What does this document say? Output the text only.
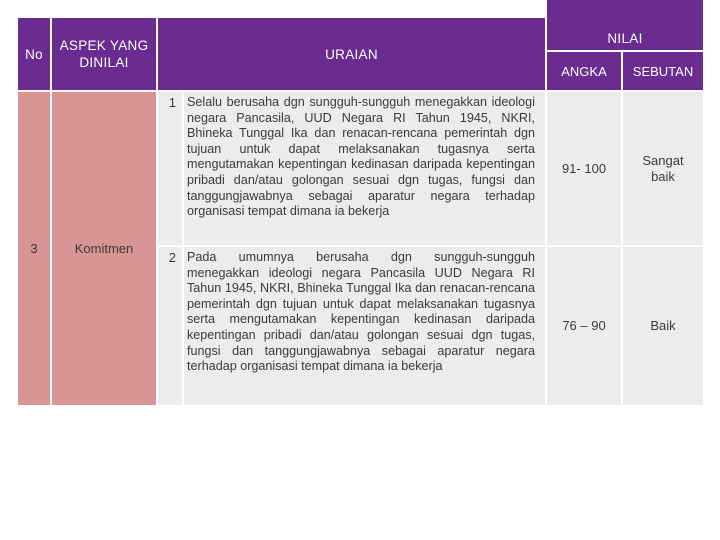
No
ASPEK YANG DINILAI
URAIAN
NILAI
ANGKA SEBUTAN
3	Komitmen
1 Selalu berusaha dgn sungguh-sungguh menegakkan ideologi negara Pancasila, UUD Negara RI Tahun 1945, NKRI, Bhineka Tunggal Ika dan renacan-rencana pemerintah dgn tujuan untuk dapat melaksanakan tugasnya serta mengutamakan kepentingan kedinasan daripada kepentingan pribadi dan/atau golongan sesuai dgn tugas, fungsi dan tanggungjawabnya sebagai aparatur negara terhadap organisasi tempat dimana ia bekerja
91- 100
Sangat baik
2 Pada umumnya berusaha dgn sungguh-sungguh menegakkan ideologi negara Pancasila UUD Negara RI Tahun 1945, NKRI, Bhineka Tunggal Ika dan renacan-rencana pemerintah dgn tujuan untuk dapat melaksanakan tugasnya serta mengutamakan kepentingan kedinasan daripada kepentingan pribadi dan/atau golongan sesuai dgn tugas, fungsi dan tanggungjawabnya sebagai aparatur negara terhadap organisasi tempat dimana ia bekerja
76 – 90	Baik
